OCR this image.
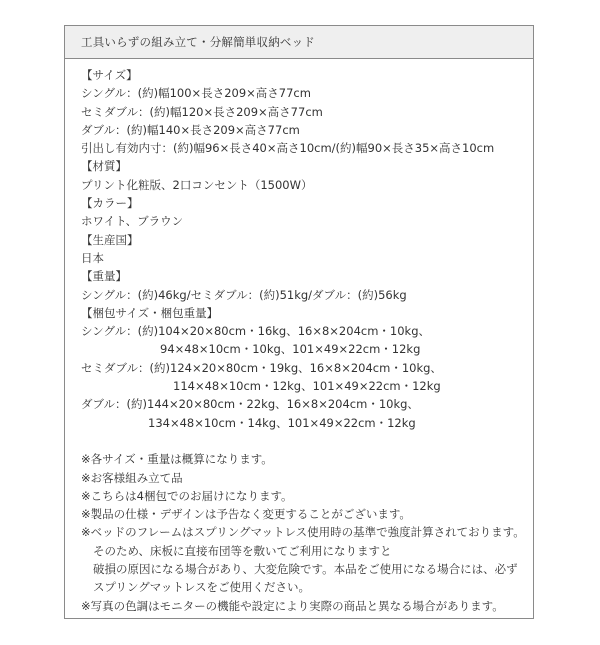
工具いらずの組み立て・分解簡単収納ベッド
【サイズ】
シングル：(約)幅100×長さ209×高さ77cm
セミダブル：(約)幅120×長さ209×高さ77cm
ダブル：(約)幅140×長さ209×高さ77cm
引出し有効内寸：(約)幅96×長さ40×高さ10cm/(約)幅90×長さ35×高さ10cm
【材質】
プリント化粧版、2口コンセント（1500W）
【カラー】
ホワイト、ブラウン
【生産国】
日本
【重量】
シングル：(約)46kg/セミダブル：(約)51kg/ダブル：(約)56kg
【梱包サイズ・梱包重量】
シングル：(約)104×20×80cm・16kg、16×8×204cm・10kg、
94×48×10cm・10kg、101×49×22cm・12kg
セミダブル：(約)124×20×80cm・19kg、16×8×204cm・10kg、
114×48×10cm・12kg、101×49×22cm・12kg
ダブル：(約)144×20×80cm・22kg、16×8×204cm・10kg、
134×48×10cm・14kg、101×49×22cm・12kg
※各サイズ・重量は概算になります。
※お客様組み立て品
※こちらは4梱包でのお届けになります。
※製品の仕様・デザインは予告なく変更することがございます。
※ベッドのフレームはスプリングマットレス使用時の基準で強度計算されております。
そのため、床板に直接布団等を敷いてご利用になりますと
破損の原因になる場合があり、大変危険です。本品をご使用になる場合には、必ず
スプリングマットレスをご使用ください。
※写真の色調はモニターの機能や設定により実際の商品と異なる場合があります。
